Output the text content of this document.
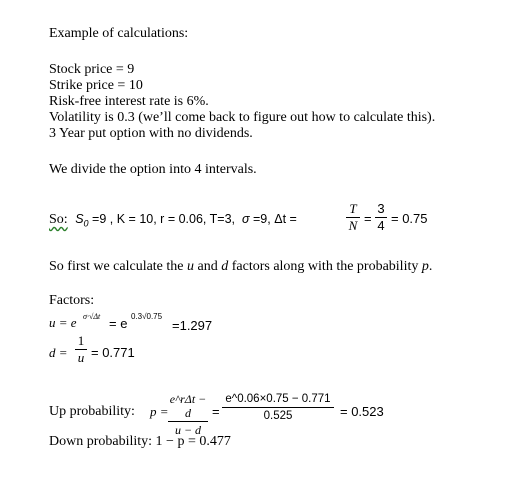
Example of calculations:
Stock price = 9
Strike price = 10
Risk-free interest rate is 6%.
Volatility is 0.3 (we’ll come back to figure out how to calculate this).
3 Year put option with no dividends.
We divide the option into 4 intervals.
So: $S_0 =9$ , K = 10, r = 0.06, T=3,  σ =9, Δt =
T
N =
3
4 = 0.75
So first we calculate the u and d factors along with the probability p.
Factors:
u = e σ·√Δt = e 0.3√0.75
=1.297
d =
1
u = 0.771
Up probability: p =
e^rΔt − d
u − d
=
e^0.06×0.75 − 0.771
0.525	= 0.523
Down probability: 1 − p = 0.477
